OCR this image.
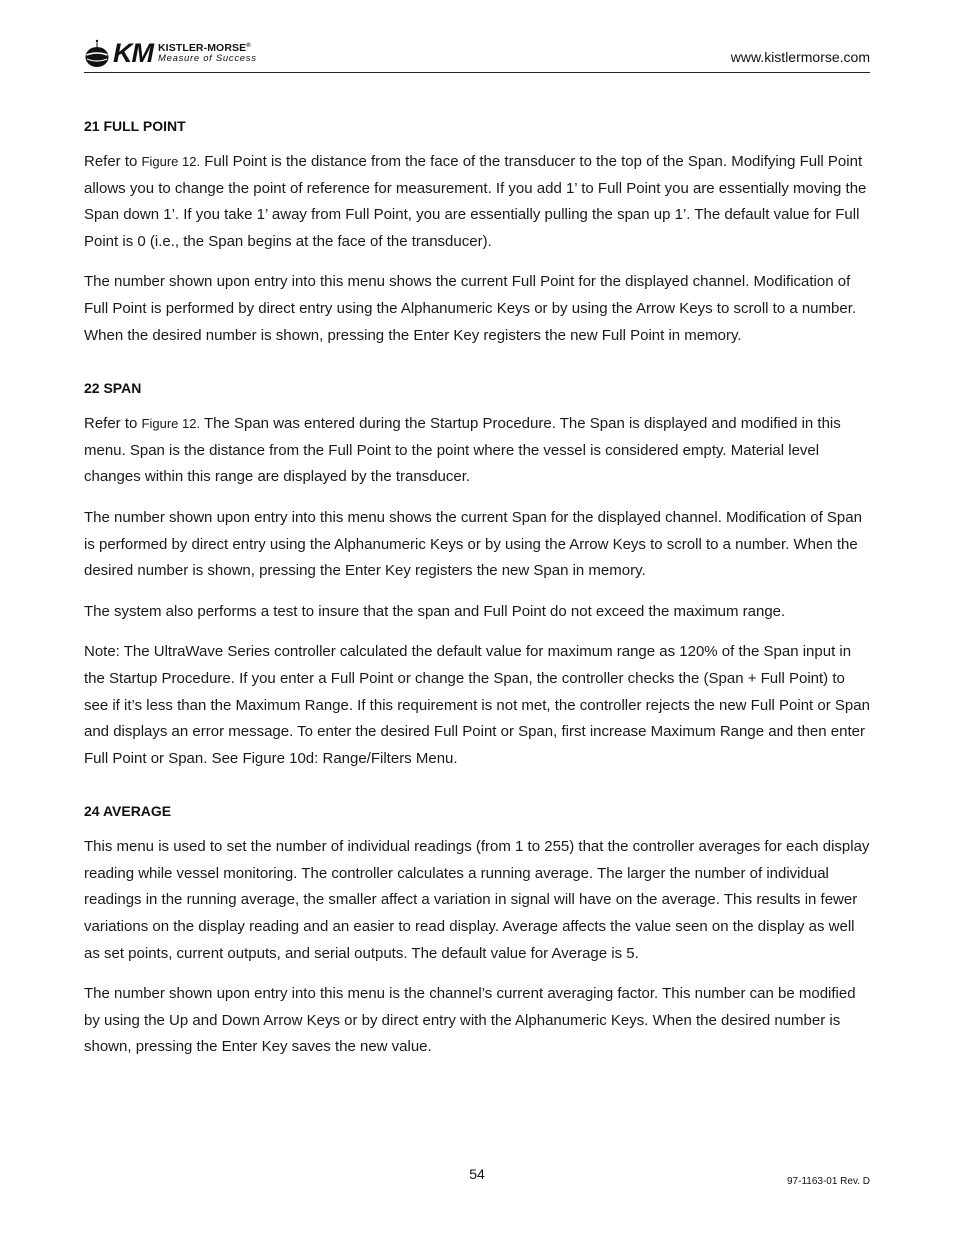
KM KISTLER-MORSE®
Measure of Success	www.kistlermorse.com
21 FULL POINT

Refer to Figure 12. Full Point is the distance from the face of the transducer to the top of the Span. Modifying Full Point allows you to change the point of reference for measurement. If you add 1’ to Full Point you are essentially moving the Span down 1’. If you take 1’ away from Full Point, you are essentially pulling the span up 1’. The default value for Full Point is 0 (i.e., the Span begins at the face of the transducer).

The number shown upon entry into this menu shows the current Full Point for the displayed channel. Modification of Full Point is performed by direct entry using the Alphanumeric Keys or by using the Arrow Keys to scroll to a number. When the desired number is shown, pressing the Enter Key registers the new Full Point in memory.

22 SPAN

Refer to Figure 12. The Span was entered during the Startup Procedure. The Span is displayed and modified in this menu. Span is the distance from the Full Point to the point where the vessel is considered empty. Material level changes within this range are displayed by the transducer.

The number shown upon entry into this menu shows the current Span for the displayed channel. Modification of Span is performed by direct entry using the Alphanumeric Keys or by using the Arrow Keys to scroll to a number. When the desired number is shown, pressing the Enter Key registers the new Span in memory.

The system also performs a test to insure that the span and Full Point do not exceed the maximum range.

Note: The UltraWave Series controller calculated the default value for maximum range as 120% of the Span input in the Startup Procedure. If you enter a Full Point or change the Span, the controller checks the (Span + Full Point) to see if it’s less than the Maximum Range. If this requirement is not met, the controller rejects the new Full Point or Span and displays an error message. To enter the desired Full Point or Span, first increase Maximum Range and then enter Full Point or Span. See Figure 10d: Range/Filters Menu.

24 AVERAGE

This menu is used to set the number of individual readings (from 1 to 255) that the controller averages for each display reading while vessel monitoring. The controller calculates a running average. The larger the number of individual readings in the running average, the smaller affect a variation in signal will have on the average. This results in fewer variations on the display reading and an easier to read display. Average affects the value seen on the display as well as set points, current outputs, and serial outputs. The default value for Average is 5.

The number shown upon entry into this menu is the channel’s current averaging factor. This number can be modified by using the Up and Down Arrow Keys or by direct entry with the Alphanumeric Keys. When the desired number is shown, pressing the Enter Key saves the new value.

54	97-1163-01 Rev. D
